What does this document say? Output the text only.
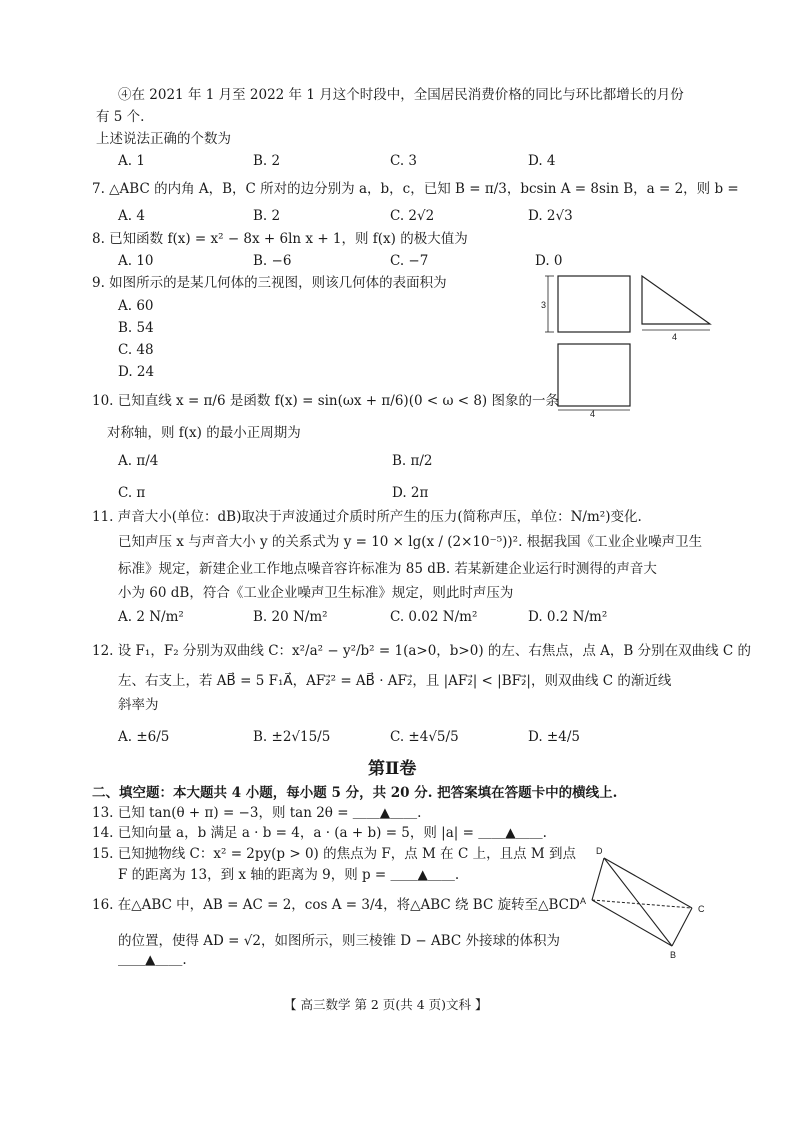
④在 2021 年 1 月至 2022 年 1 月这个时段中，全国居民消费价格的同比与环比都增长的月份
有 5 个.
上述说法正确的个数为
A. 1	B. 2	C. 3	D. 4
7. △ABC 的内角 A，B，C 所对的边分别为 a，b，c，已知 B = π/3，bcsin A = 8sin B，a = 2，则 b =
A. 4	B. 2	C. 2√2	D. 2√3
8. 已知函数 f(x) = x² − 8x + 6ln x + 1，则 f(x) 的极大值为
A. 10	B. −6	C. −7	D. 0
9. 如图所示的是某几何体的三视图，则该几何体的表面积为
A. 60
B. 54
C. 48
D. 24
3
4
4
10. 已知直线 x = π/6 是函数 f(x) = sin(ωx + π/6)(0 < ω < 8) 图象的一条
对称轴，则 f(x) 的最小正周期为
A. π/4	B. π/2
C. π	D. 2π
11. 声音大小(单位：dB)取决于声波通过介质时所产生的压力(简称声压，单位：N/m²)变化.
已知声压 x 与声音大小 y 的关系式为 y = 10 × lg(x / (2×10⁻⁵))². 根据我国《工业企业噪声卫生
标准》规定，新建企业工作地点噪音容许标准为 85 dB. 若某新建企业运行时测得的声音大
小为 60 dB，符合《工业企业噪声卫生标准》规定，则此时声压为
A. 2 N/m²	B. 20 N/m²	C. 0.02 N/m²	D. 0.2 N/m²
12. 设 F₁，F₂ 分别为双曲线 C：x²/a² − y²/b² = 1(a>0，b>0) 的左、右焦点，点 A，B 分别在双曲线 C 的
左、右支上，若 AB⃗ = 5 F₁A⃗，AF₂⃗² = AB⃗ · AF₂⃗，且 |AF₂⃗| < |BF₂⃗|，则双曲线 C 的渐近线
斜率为
A. ±6/5	B. ±2√15/5	C. ±4√5/5	D. ±4/5
第Ⅱ卷
二、填空题：本大题共 4 小题，每小题 5 分，共 20 分. 把答案填在答题卡中的横线上.
13. 已知 tan(θ + π) = −3，则 tan 2θ = ＿＿▲＿＿.
14. 已知向量 a，b 满足 a · b = 4，a · (a + b) = 5，则 |a| = ＿＿▲＿＿.
15. 已知抛物线 C：x² = 2py(p > 0) 的焦点为 F，点 M 在 C 上，且点 M 到点
F 的距离为 13，到 x 轴的距离为 9，则 p = ＿＿▲＿＿.
16. 在△ABC 中，AB = AC = 2，cos A = 3/4，将△ABC 绕 BC 旋转至△BCD
的位置，使得 AD = √2，如图所示，则三棱锥 D − ABC 外接球的体积为
＿＿▲＿＿.
D
A
C
B
【 高三数学 第 2 页(共 4 页)文科 】
